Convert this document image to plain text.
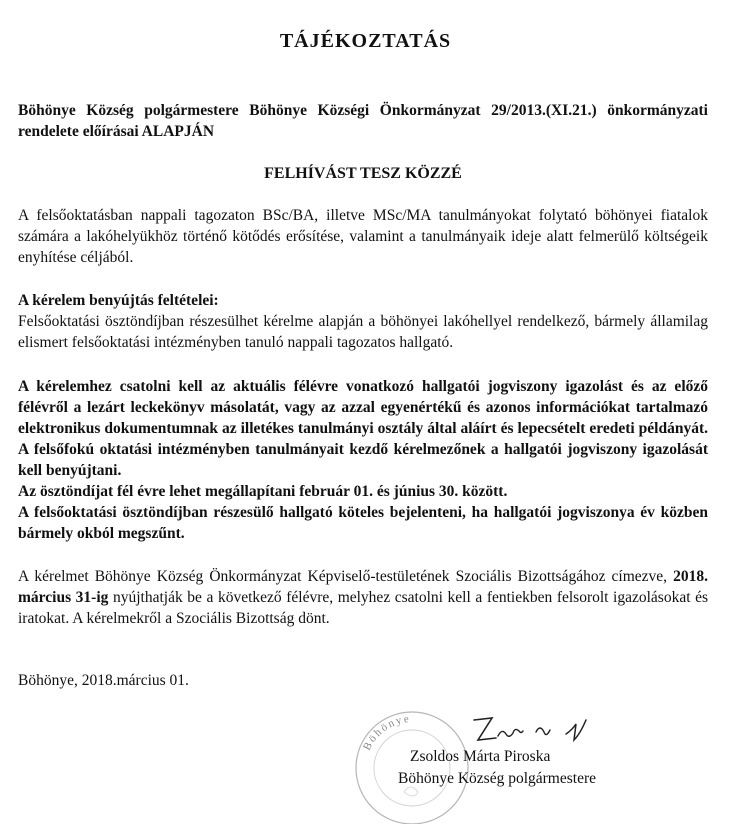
TÁJÉKOZTATÁS
Böhönye Község polgármestere Böhönye Községi Önkormányzat 29/2013.(XI.21.) önkormányzati rendelete előírásai ALAPJÁN
FELHÍVÁST TESZ KÖZZÉ
A felsőoktatásban nappali tagozaton BSc/BA, illetve MSc/MA tanulmányokat folytató böhönyei fiatalok számára a lakóhelyükhöz történő kötődés erősítése, valamint a tanulmányaik ideje alatt felmerülő költségeik enyhítése céljából.
A kérelem benyújtás feltételei:
Felsőoktatási ösztöndíjban részesülhet kérelme alapján a böhönyei lakóhellyel rendelkező, bármely államilag elismert felsőoktatási intézményben tanuló nappali tagozatos hallgató.
A kérelemhez csatolni kell az aktuális félévre vonatkozó hallgatói jogviszony igazolást és az előző félévről a lezárt leckekönyv másolatát, vagy az azzal egyenértékű és azonos információkat tartalmazó elektronikus dokumentumnak az illetékes tanulmányi osztály által aláírt és lepecsételt eredeti példányát. A felsőfokú oktatási intézményben tanulmányait kezdő kérelmezőnek a hallgatói jogviszony igazolását kell benyújtani.
Az ösztöndíjat fél évre lehet megállapítani február 01. és június 30. között.
A felsőoktatási ösztöndíjban részesülő hallgató köteles bejelenteni, ha hallgatói jogviszonya év közben bármely okból megszűnt.
A kérelmet Böhönye Község Önkormányzat Képviselő-testületének Szociális Bizottságához címezve, 2018. március 31-ig nyújthatják be a következő félévre, melyhez csatolni kell a fentiekben felsorolt igazolásokat és iratokat. A kérelmekről a Szociális Bizottság dönt.
Böhönye, 2018.március 01.
Böhönye
Zsoldos Márta Piroska
Böhönye Község polgármestere
